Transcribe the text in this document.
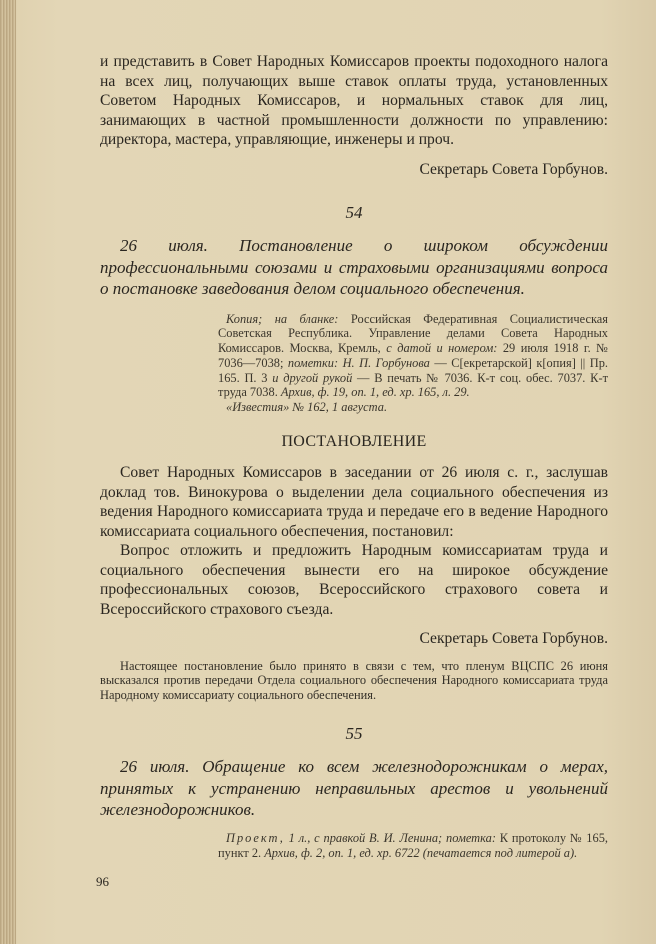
и представить в Совет Народных Комиссаров проекты подоходного налога на всех лиц, получающих выше ставок оплаты труда, установленных Советом Народных Комиссаров, и нормальных ставок для лиц, занимающих в частной промышленности должности по управлению: директора, мастера, управляющие, инженеры и проч.

Секретарь Совета Горбунов.

54

26 июля. Постановление о широком обсуждении профессиональными союзами и страховыми организациями вопроса о постановке заведования делом социального обеспечения.

Копия; на бланке: Российская Федеративная Социалистическая Советская Республика. Управление делами Совета Народных Комиссаров. Москва, Кремль, с датой и номером: 29 июля 1918 г. № 7036—7038; пометки: Н. П. Горбунова — С[екретарской] к[опия] || Пр. 165. П. 3 и другой рукой — В печать № 7036. К-т соц. обес. 7037. К-т труда 7038. Архив, ф. 19, оп. 1, ед. хр. 165, л. 29.

«Известия» № 162, 1 августа.

ПОСТАНОВЛЕНИЕ

Совет Народных Комиссаров в заседании от 26 июля с. г., заслушав доклад тов. Винокурова о выделении дела социального обеспечения из ведения Народного комиссариата труда и передаче его в ведение Народного комиссариата социального обеспечения, постановил:

Вопрос отложить и предложить Народным комиссариатам труда и социального обеспечения вынести его на широкое обсуждение профессиональных союзов, Всероссийского страхового совета и Всероссийского страхового съезда.

Секретарь Совета Горбунов.

Настоящее постановление было принято в связи с тем, что пленум ВЦСПС 26 июня высказался против передачи Отдела социального обеспечения Народного комиссариата труда Народному комиссариату социального обеспечения.

55

26 июля. Обращение ко всем железнодорожникам о мерах, принятых к устранению неправильных арестов и увольнений железнодорожников.

Проект, 1 л., с правкой В. И. Ленина; пометка: К протоколу № 165, пункт 2. Архив, ф. 2, оп. 1, ед. хр. 6722 (печатается под литерой а).

96
